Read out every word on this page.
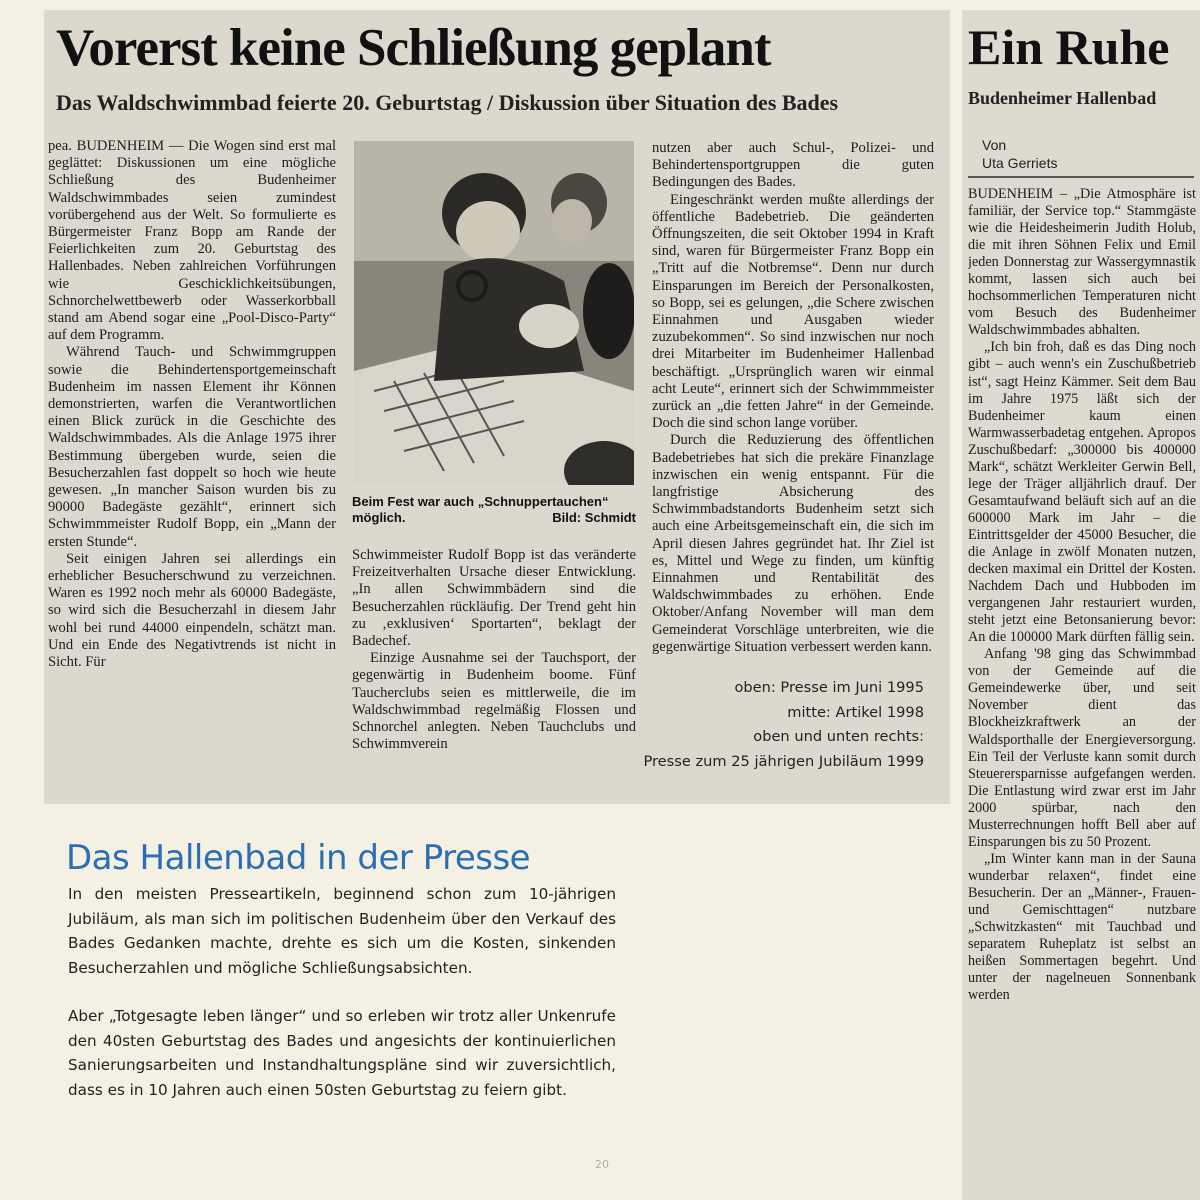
Vorerst keine Schließung geplant
Das Waldschwimmbad feierte 20. Geburtstag / Diskussion über Situation des Bades

pea. BUDENHEIM — Die Wogen sind erst mal geglättet: Diskussionen um eine mögliche Schließung des Budenheimer Waldschwimmbades seien zumindest vorübergehend aus der Welt. So formulierte es Bürgermeister Franz Bopp am Rande der Feierlichkeiten zum 20. Geburtstag des Hallenbades. Neben zahlreichen Vorführungen wie Geschicklichkeitsübungen, Schnorchelwettbewerb oder Wasserkorbball stand am Abend sogar eine „Pool-Disco-Party“ auf dem Programm.

Während Tauch- und Schwimmgruppen sowie die Behindertensportgemeinschaft Budenheim im nassen Element ihr Können demonstrierten, warfen die Verantwortlichen einen Blick zurück in die Geschichte des Waldschwimmbades. Als die Anlage 1975 ihrer Bestimmung übergeben wurde, seien die Besucherzahlen fast doppelt so hoch wie heute gewesen. „In mancher Saison wurden bis zu 90000 Badegäste gezählt“, erinnert sich Schwimmmeister Rudolf Bopp, ein „Mann der ersten Stunde“.

Seit einigen Jahren sei allerdings ein erheblicher Besucherschwund zu verzeichnen. Waren es 1992 noch mehr als 60000 Badegäste, so wird sich die Besucherzahl in diesem Jahr wohl bei rund 44000 einpendeln, schätzt man. Und ein Ende des Negativtrends ist nicht in Sicht. Für

Beim Fest war auch „Schnuppertauchen“ möglich.	Bild: Schmidt

Schwimmeister Rudolf Bopp ist das veränderte Freizeitverhalten Ursache dieser Entwicklung. „In allen Schwimmbädern sind die Besucherzahlen rückläufig. Der Trend geht hin zu ‚exklusiven‘ Sportarten“, beklagt der Badechef.

Einzige Ausnahme sei der Tauchsport, der gegenwärtig in Budenheim boome. Fünf Taucherclubs seien es mittlerweile, die im Waldschwimmbad regelmäßig Flossen und Schnorchel anlegten. Neben Tauchclubs und Schwimmverein

nutzen aber auch Schul-, Polizei- und Behindertensportgruppen die guten Bedingungen des Bades.

Eingeschränkt werden mußte allerdings der öffentliche Badebetrieb. Die geänderten Öffnungszeiten, die seit Oktober 1994 in Kraft sind, waren für Bürgermeister Franz Bopp ein „Tritt auf die Notbremse“. Denn nur durch Einsparungen im Bereich der Personalkosten, so Bopp, sei es gelungen, „die Schere zwischen Einnahmen und Ausgaben wieder zuzubekommen“. So sind inzwischen nur noch drei Mitarbeiter im Budenheimer Hallenbad beschäftigt. „Ursprünglich waren wir einmal acht Leute“, erinnert sich der Schwimmmeister zurück an „die fetten Jahre“ in der Gemeinde. Doch die sind schon lange vorüber.

Durch die Reduzierung des öffentlichen Badebetriebes hat sich die prekäre Finanzlage inzwischen ein wenig entspannt. Für die langfristige Absicherung des Schwimmbadstandorts Budenheim setzt sich auch eine Arbeitsgemeinschaft ein, die sich im April diesen Jahres gegründet hat. Ihr Ziel ist es, Mittel und Wege zu finden, um künftig Einnahmen und Rentabilität des Waldschwimmbades zu erhöhen. Ende Oktober/Anfang November will man dem Gemeinderat Vorschläge unterbreiten, wie die gegenwärtige Situation verbessert werden kann.

Ein Ruhe
Budenheimer Hallenbad
Von
Uta Gerriets

BUDENHEIM – „Die Atmosphäre ist familiär, der Service top.“ Stammgäste wie die Heidesheimerin Judith Holub, die mit ihren Söhnen Felix und Emil jeden Donnerstag zur Wassergymnastik kommt, lassen sich auch bei hochsommerlichen Temperaturen nicht vom Besuch des Budenheimer Waldschwimmbades abhalten.

„Ich bin froh, daß es das Ding noch gibt – auch wenn's ein Zuschußbetrieb ist“, sagt Heinz Kämmer. Seit dem Bau im Jahre 1975 läßt sich der Budenheimer kaum einen Warmwasserbadetag entgehen. Apropos Zuschußbedarf: „300000 bis 400000 Mark“, schätzt Werkleiter Gerwin Bell, lege der Träger alljährlich drauf. Der Gesamtaufwand beläuft sich auf an die 600000 Mark im Jahr – die Eintrittsgelder der 45000 Besucher, die die Anlage in zwölf Monaten nutzen, decken maximal ein Drittel der Kosten. Nachdem Dach und Hubboden im vergangenen Jahr restauriert wurden, steht jetzt eine Betonsanierung bevor: An die 100000 Mark dürften fällig sein.

Anfang '98 ging das Schwimmbad von der Gemeinde auf die Gemeindewerke über, und seit November dient das Blockheizkraftwerk an der Waldsporthalle der Energieversorgung. Ein Teil der Verluste kann somit durch Steuerersparnisse aufgefangen werden. Die Entlastung wird zwar erst im Jahr 2000 spürbar, nach den Musterrechnungen hofft Bell aber auf Einsparungen bis zu 50 Prozent.

„Im Winter kann man in der Sauna wunderbar relaxen“, findet eine Besucherin. Der an „Männer-, Frauen- und Gemischttagen“ nutzbare „Schwitzkasten“ mit Tauchbad und separatem Ruheplatz ist selbst an heißen Sommertagen begehrt. Und unter der nagelneuen Sonnenbank werden

Das Hallenbad in der Presse

In den meisten Presseartikeln, beginnend schon zum 10-jährigen Jubiläum, als man sich im politischen Budenheim über den Verkauf des Bades Gedanken machte, drehte es sich um die Kosten, sinkenden Besucherzahlen und mögliche Schließungsabsichten.

Aber „Totgesagte leben länger“ und so erleben wir trotz aller Unkenrufe den 40sten Geburtstag des Bades und angesichts der kontinuierlichen Sanierungsarbeiten und Instandhaltungspläne sind wir zuversichtlich, dass es in 10 Jahren auch einen 50sten Geburtstag zu feiern gibt.

oben: Presse im Juni 1995
mitte: Artikel 1998
oben und unten rechts:
Presse zum 25 jährigen Jubiläum 1999
20
